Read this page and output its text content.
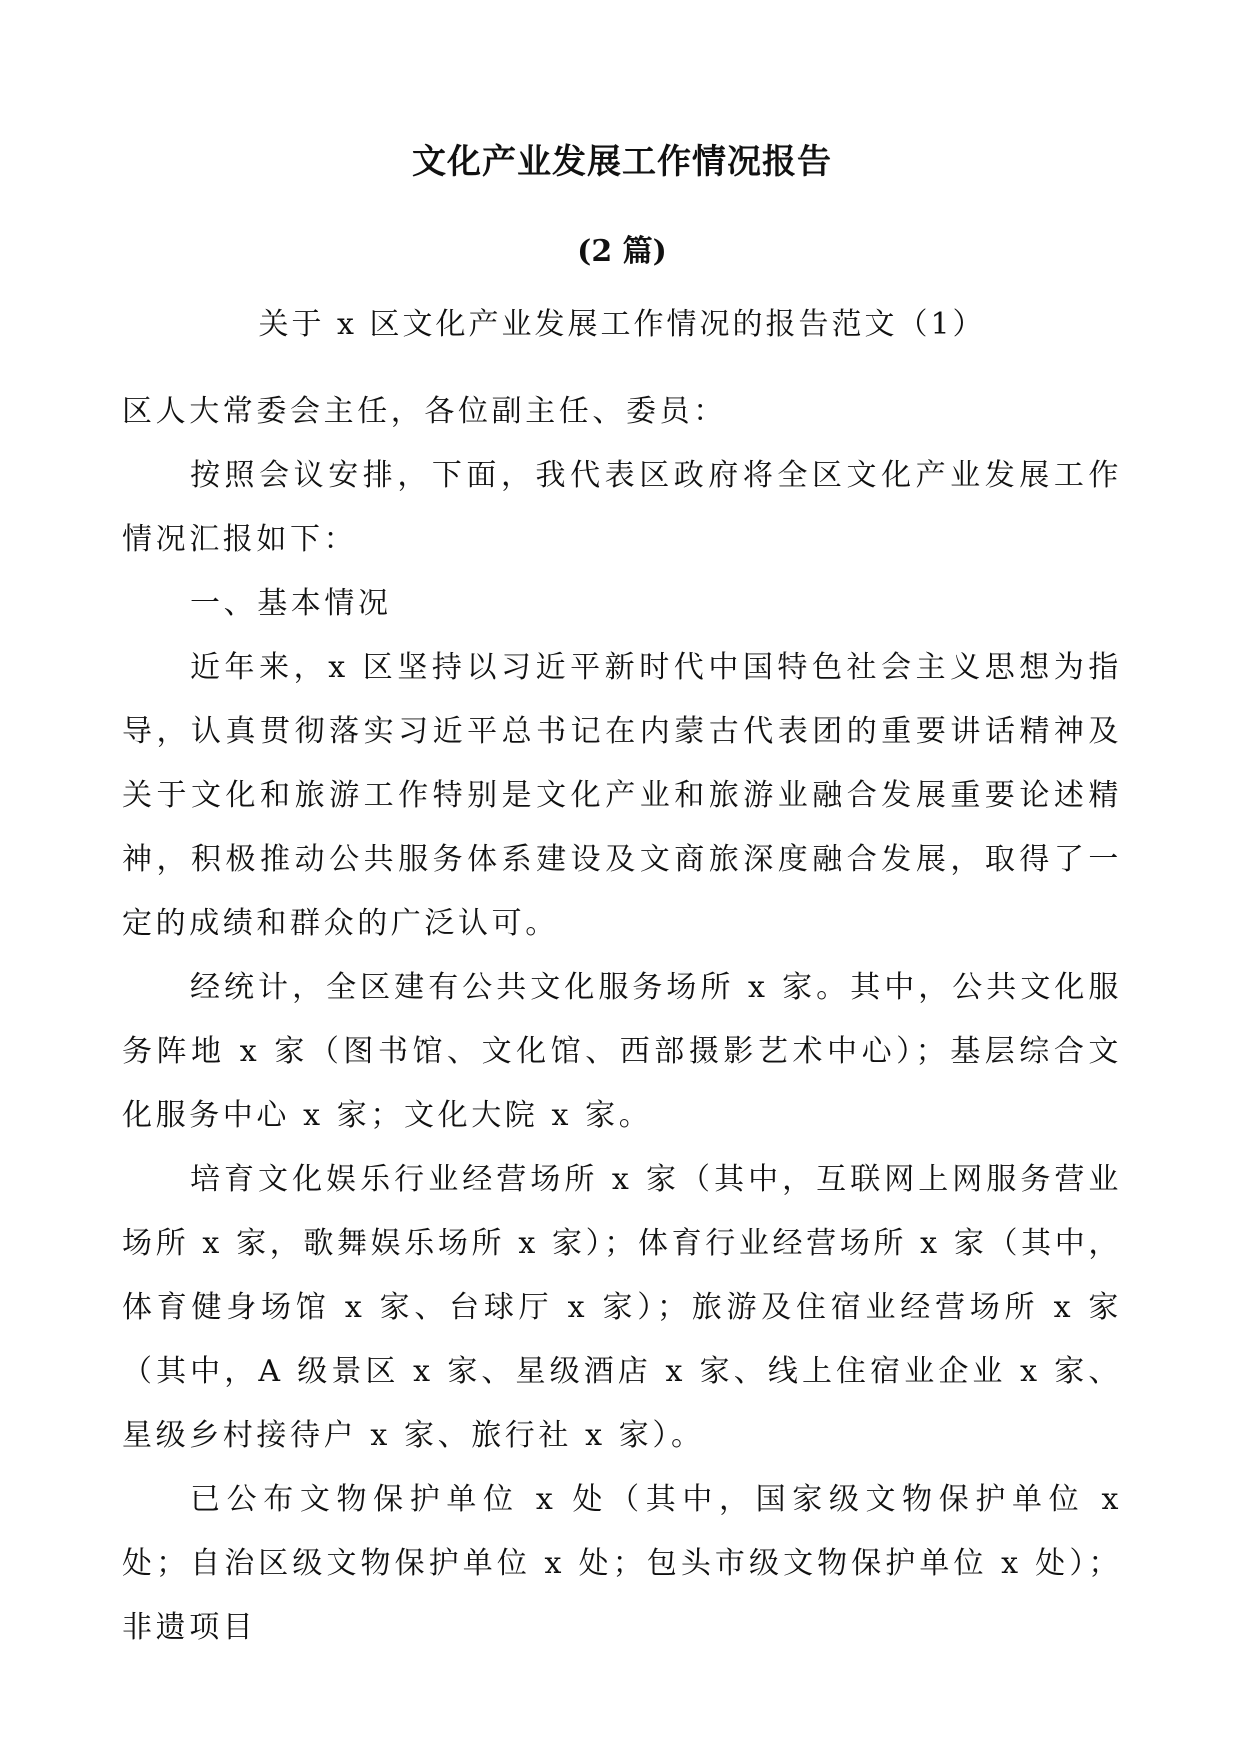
文化产业发展工作情况报告
(2 篇)
关于 x 区文化产业发展工作情况的报告范文（1）

区人大常委会主任，各位副主任、委员：

按照会议安排，下面，我代表区政府将全区文化产业发展工作情况汇报如下：

一、基本情况

近年来，x 区坚持以习近平新时代中国特色社会主义思想为指导，认真贯彻落实习近平总书记在内蒙古代表团的重要讲话精神及关于文化和旅游工作特别是文化产业和旅游业融合发展重要论述精神，积极推动公共服务体系建设及文商旅深度融合发展，取得了一定的成绩和群众的广泛认可。

经统计，全区建有公共文化服务场所 x 家。其中，公共文化服务阵地 x 家（图书馆、文化馆、西部摄影艺术中心）；基层综合文化服务中心 x 家；文化大院 x 家。

培育文化娱乐行业经营场所 x 家（其中，互联网上网服务营业场所 x 家，歌舞娱乐场所 x 家）；体育行业经营场所 x 家（其中，体育健身场馆 x 家、台球厅 x 家）；旅游及住宿业经营场所 x 家（其中，A 级景区 x 家、星级酒店 x 家、线上住宿业企业 x 家、星级乡村接待户 x 家、旅行社 x 家）。

已公布文物保护单位 x 处（其中，国家级文物保护单位 x 处；自治区级文物保护单位 x 处；包头市级文物保护单位 x 处）；非遗项目
